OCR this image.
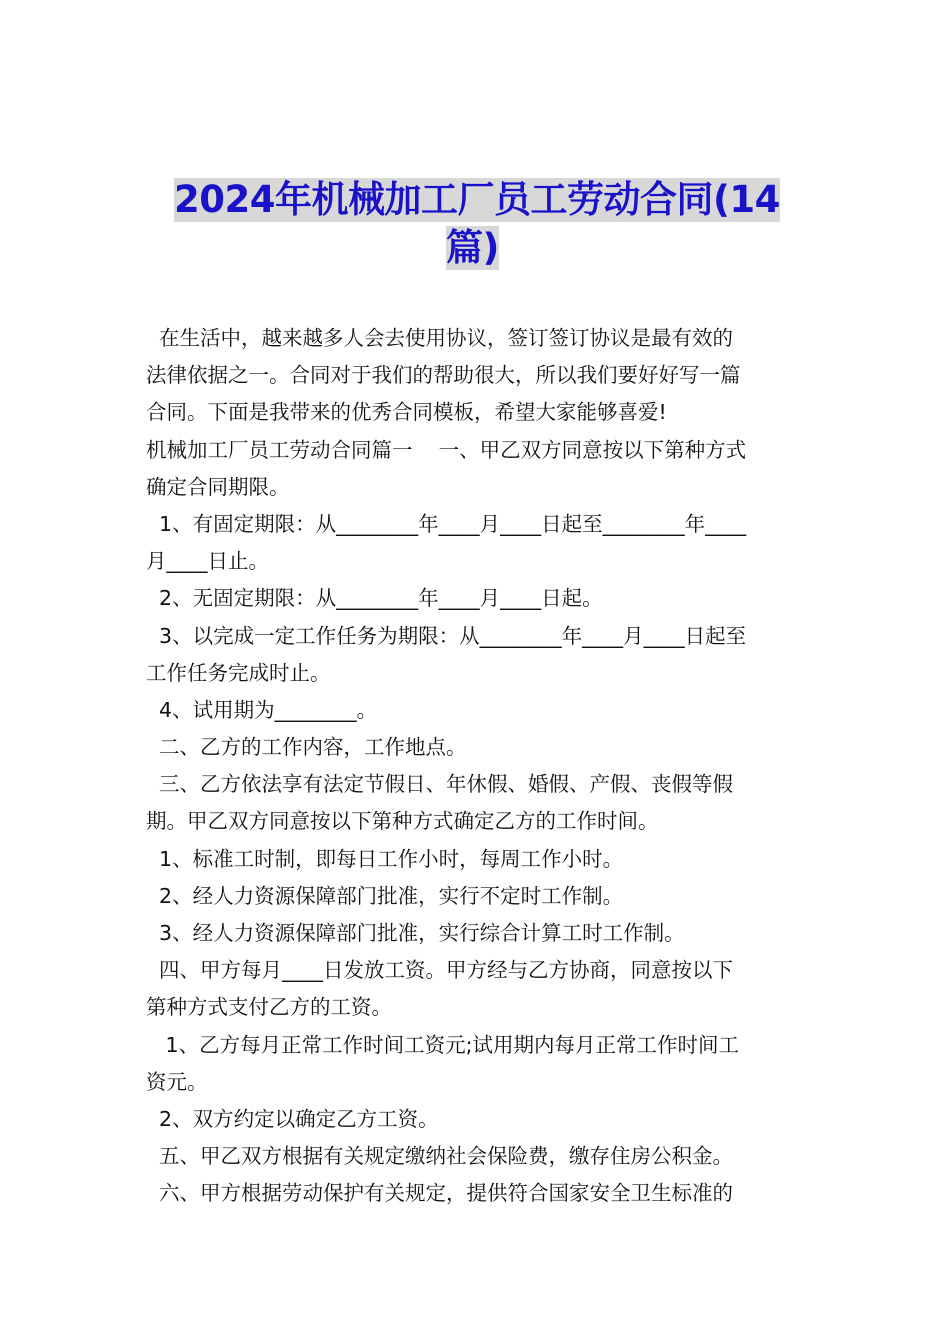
2024年机械加工厂员工劳动合同(14
篇)
在生活中，越来越多人会去使用协议，签订签订协议是最有效的
法律依据之一。合同对于我们的帮助很大，所以我们要好好写一篇
合同。下面是我带来的优秀合同模板，希望大家能够喜爱!
机械加工厂员工劳动合同篇一    一、甲乙双方同意按以下第种方式
确定合同期限。
1、有固定期限：从________年____月____日起至________年____
月____日止。
2、无固定期限：从________年____月____日起。
3、以完成一定工作任务为期限：从________年____月____日起至
工作任务完成时止。
4、试用期为________。
二、乙方的工作内容，工作地点。
三、乙方依法享有法定节假日、年休假、婚假、产假、丧假等假
期。甲乙双方同意按以下第种方式确定乙方的工作时间。
1、标准工时制，即每日工作小时，每周工作小时。
2、经人力资源保障部门批准，实行不定时工作制。
3、经人力资源保障部门批准，实行综合计算工时工作制。
四、甲方每月____日发放工资。甲方经与乙方协商，同意按以下
第种方式支付乙方的工资。
1、乙方每月正常工作时间工资元;试用期内每月正常工作时间工
资元。
2、双方约定以确定乙方工资。
五、甲乙双方根据有关规定缴纳社会保险费，缴存住房公积金。
六、甲方根据劳动保护有关规定，提供符合国家安全卫生标准的
